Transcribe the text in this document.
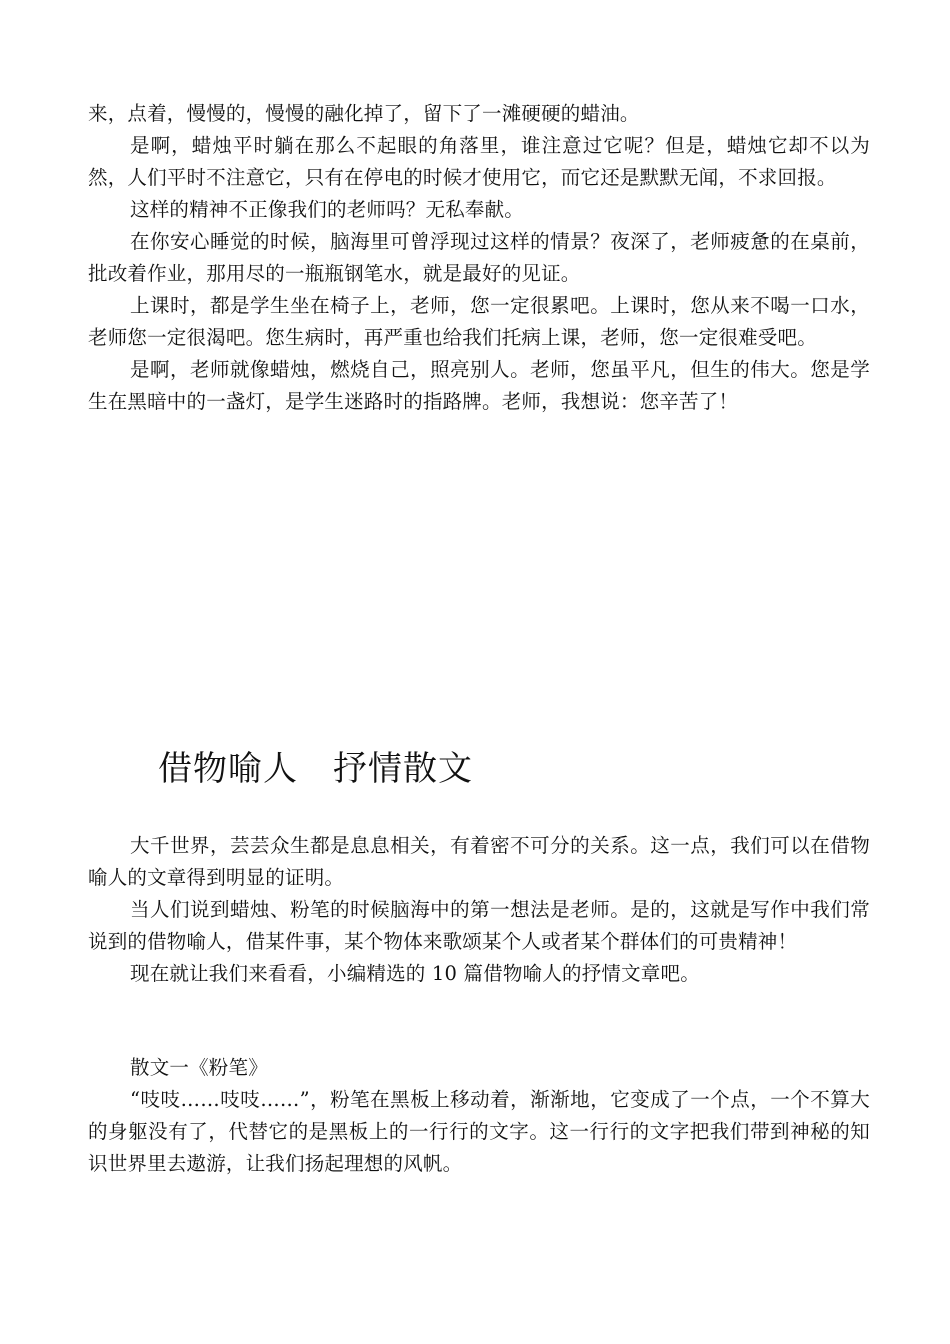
来，点着，慢慢的，慢慢的融化掉了，留下了一滩硬硬的蜡油。

是啊，蜡烛平时躺在那么不起眼的角落里，谁注意过它呢？但是，蜡烛它却不以为然，人们平时不注意它，只有在停电的时候才使用它，而它还是默默无闻，不求回报。

这样的精神不正像我们的老师吗？无私奉献。

在你安心睡觉的时候，脑海里可曾浮现过这样的情景？夜深了，老师疲惫的在桌前，批改着作业，那用尽的一瓶瓶钢笔水，就是最好的见证。

上课时，都是学生坐在椅子上，老师，您一定很累吧。上课时，您从来不喝一口水，老师您一定很渴吧。您生病时，再严重也给我们托病上课，老师，您一定很难受吧。

是啊，老师就像蜡烛，燃烧自己，照亮别人。老师，您虽平凡，但生的伟大。您是学生在黑暗中的一盏灯，是学生迷路时的指路牌。老师，我想说：您辛苦了！

借物喻人　抒情散文

大千世界，芸芸众生都是息息相关，有着密不可分的关系。这一点，我们可以在借物喻人的文章得到明显的证明。

当人们说到蜡烛、粉笔的时候脑海中的第一想法是老师。是的，这就是写作中我们常说到的借物喻人，借某件事，某个物体来歌颂某个人或者某个群体们的可贵精神！

现在就让我们来看看，小编精选的 10 篇借物喻人的抒情文章吧。

散文一《粉笔》

“吱吱……吱吱……”，粉笔在黑板上移动着，渐渐地，它变成了一个点，一个不算大的身躯没有了，代替它的是黑板上的一行行的文字。这一行行的文字把我们带到神秘的知识世界里去遨游，让我们扬起理想的风帆。
